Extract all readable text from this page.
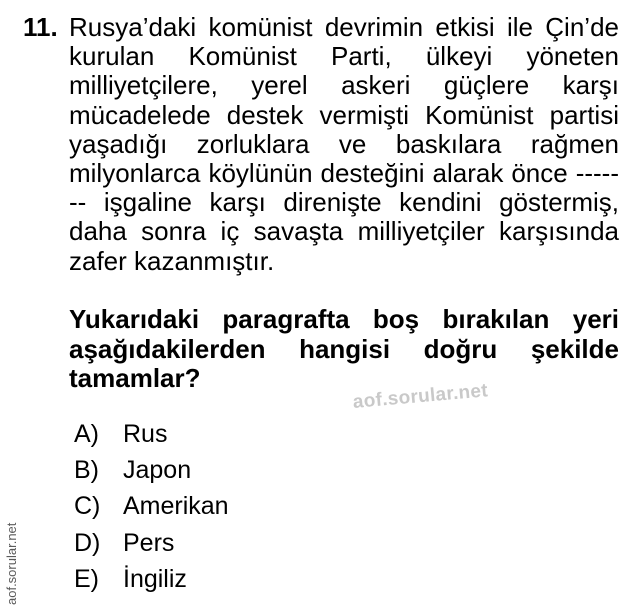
11. Rusya’daki komünist devrimin etkisi ile Çin’de kurulan Komünist Parti, ülkeyi yöneten milliyetçilere, yerel askeri güçlere karşı mücadelede destek vermişti Komünist partisi yaşadığı zorluklara ve baskılara rağmen milyonlarca köylünün desteğini alarak önce ------- işgaline karşı direnişte kendini göstermiş, daha sonra iç savaşta milliyetçiler karşısında zafer kazanmıştır.

Yukarıdaki paragrafta boş bırakılan yeri aşağıdakilerden hangisi doğru şekilde tamamlar?

aof.sorular.net
A) Rus
B) Japon
C) Amerikan
D) Pers
E) İngiliz
aof.sorular.net
